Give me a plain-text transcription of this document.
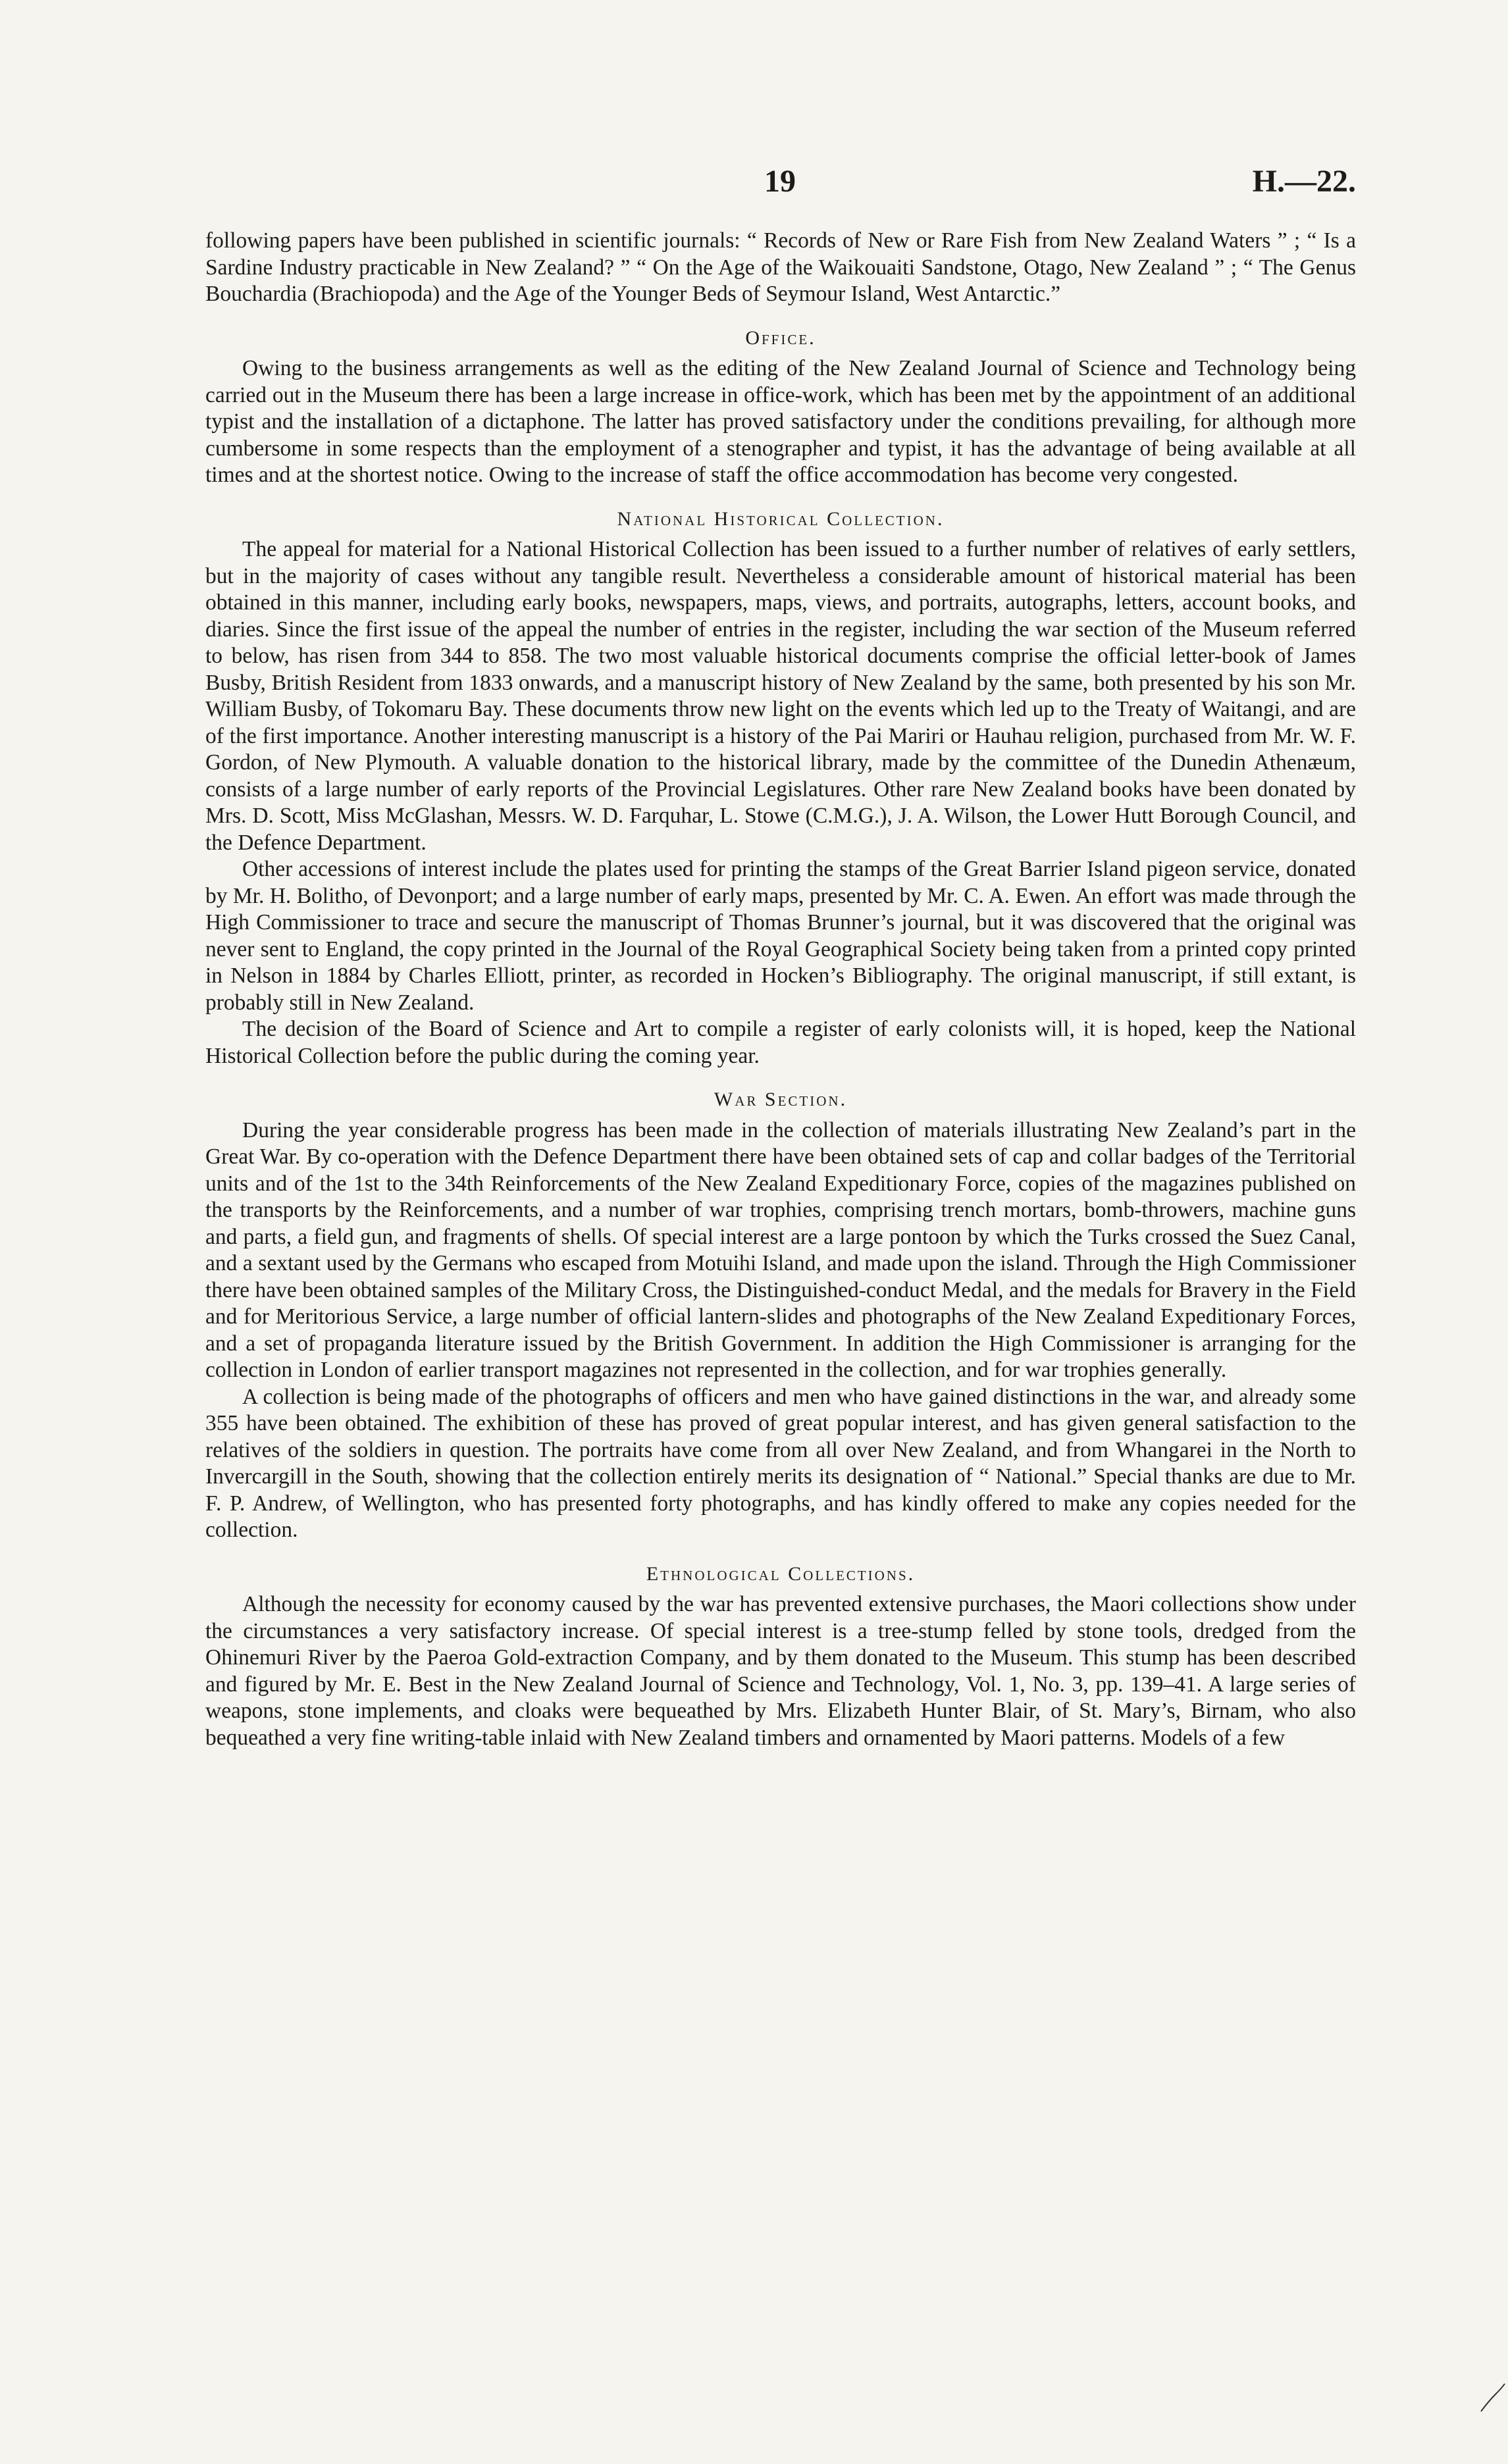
19	H.—22.

following papers have been published in scientific journals: “ Records of New or Rare Fish from New Zealand Waters ” ; “ Is a Sardine Industry practicable in New Zealand? ” “ On the Age of the Waikouaiti Sandstone, Otago, New Zealand ” ; “ The Genus Bouchardia (Brachiopoda) and the Age of the Younger Beds of Seymour Island, West Antarctic.”

Office.

Owing to the business arrangements as well as the editing of the New Zealand Journal of Science and Technology being carried out in the Museum there has been a large increase in office-work, which has been met by the appointment of an additional typist and the installation of a dictaphone. The latter has proved satisfactory under the conditions prevailing, for although more cumbersome in some respects than the employment of a stenographer and typist, it has the advantage of being available at all times and at the shortest notice. Owing to the increase of staff the office accommodation has become very congested.

National Historical Collection.

The appeal for material for a National Historical Collection has been issued to a further number of relatives of early settlers, but in the majority of cases without any tangible result. Nevertheless a considerable amount of historical material has been obtained in this manner, including early books, newspapers, maps, views, and portraits, autographs, letters, account books, and diaries. Since the first issue of the appeal the number of entries in the register, including the war section of the Museum referred to below, has risen from 344 to 858. The two most valuable historical documents comprise the official letter-book of James Busby, British Resident from 1833 onwards, and a manuscript history of New Zealand by the same, both presented by his son Mr. William Busby, of Tokomaru Bay. These documents throw new light on the events which led up to the Treaty of Waitangi, and are of the first importance. Another interesting manuscript is a history of the Pai Mariri or Hauhau religion, purchased from Mr. W. F. Gordon, of New Plymouth. A valuable donation to the historical library, made by the committee of the Dunedin Athenæum, consists of a large number of early reports of the Provincial Legislatures. Other rare New Zealand books have been donated by Mrs. D. Scott, Miss McGlashan, Messrs. W. D. Farquhar, L. Stowe (C.M.G.), J. A. Wilson, the Lower Hutt Borough Council, and the Defence Department.

Other accessions of interest include the plates used for printing the stamps of the Great Barrier Island pigeon service, donated by Mr. H. Bolitho, of Devonport; and a large number of early maps, presented by Mr. C. A. Ewen. An effort was made through the High Commissioner to trace and secure the manuscript of Thomas Brunner’s journal, but it was discovered that the original was never sent to England, the copy printed in the Journal of the Royal Geographical Society being taken from a printed copy printed in Nelson in 1884 by Charles Elliott, printer, as recorded in Hocken’s Bibliography. The original manuscript, if still extant, is probably still in New Zealand.

The decision of the Board of Science and Art to compile a register of early colonists will, it is hoped, keep the National Historical Collection before the public during the coming year.

War Section.

During the year considerable progress has been made in the collection of materials illustrating New Zealand’s part in the Great War. By co-operation with the Defence Department there have been obtained sets of cap and collar badges of the Territorial units and of the 1st to the 34th Reinforcements of the New Zealand Expeditionary Force, copies of the magazines published on the transports by the Reinforcements, and a number of war trophies, comprising trench mortars, bomb-throwers, machine guns and parts, a field gun, and fragments of shells. Of special interest are a large pontoon by which the Turks crossed the Suez Canal, and a sextant used by the Germans who escaped from Motuihi Island, and made upon the island. Through the High Commissioner there have been obtained samples of the Military Cross, the Distinguished-conduct Medal, and the medals for Bravery in the Field and for Meritorious Service, a large number of official lantern-slides and photographs of the New Zealand Expeditionary Forces, and a set of propaganda literature issued by the British Government. In addition the High Commissioner is arranging for the collection in London of earlier transport magazines not represented in the collection, and for war trophies generally.

A collection is being made of the photographs of officers and men who have gained distinctions in the war, and already some 355 have been obtained. The exhibition of these has proved of great popular interest, and has given general satisfaction to the relatives of the soldiers in question. The portraits have come from all over New Zealand, and from Whangarei in the North to Invercargill in the South, showing that the collection entirely merits its designation of “ National.” Special thanks are due to Mr. F. P. Andrew, of Wellington, who has presented forty photographs, and has kindly offered to make any copies needed for the collection.

Ethnological Collections.

Although the necessity for economy caused by the war has prevented extensive purchases, the Maori collections show under the circumstances a very satisfactory increase. Of special interest is a tree-stump felled by stone tools, dredged from the Ohinemuri River by the Paeroa Gold-extraction Company, and by them donated to the Museum. This stump has been described and figured by Mr. E. Best in the New Zealand Journal of Science and Technology, Vol. 1, No. 3, pp. 139–41. A large series of weapons, stone implements, and cloaks were bequeathed by Mrs. Elizabeth Hunter Blair, of St. Mary’s, Birnam, who also bequeathed a very fine writing-table inlaid with New Zealand timbers and ornamented by Maori patterns. Models of a few
